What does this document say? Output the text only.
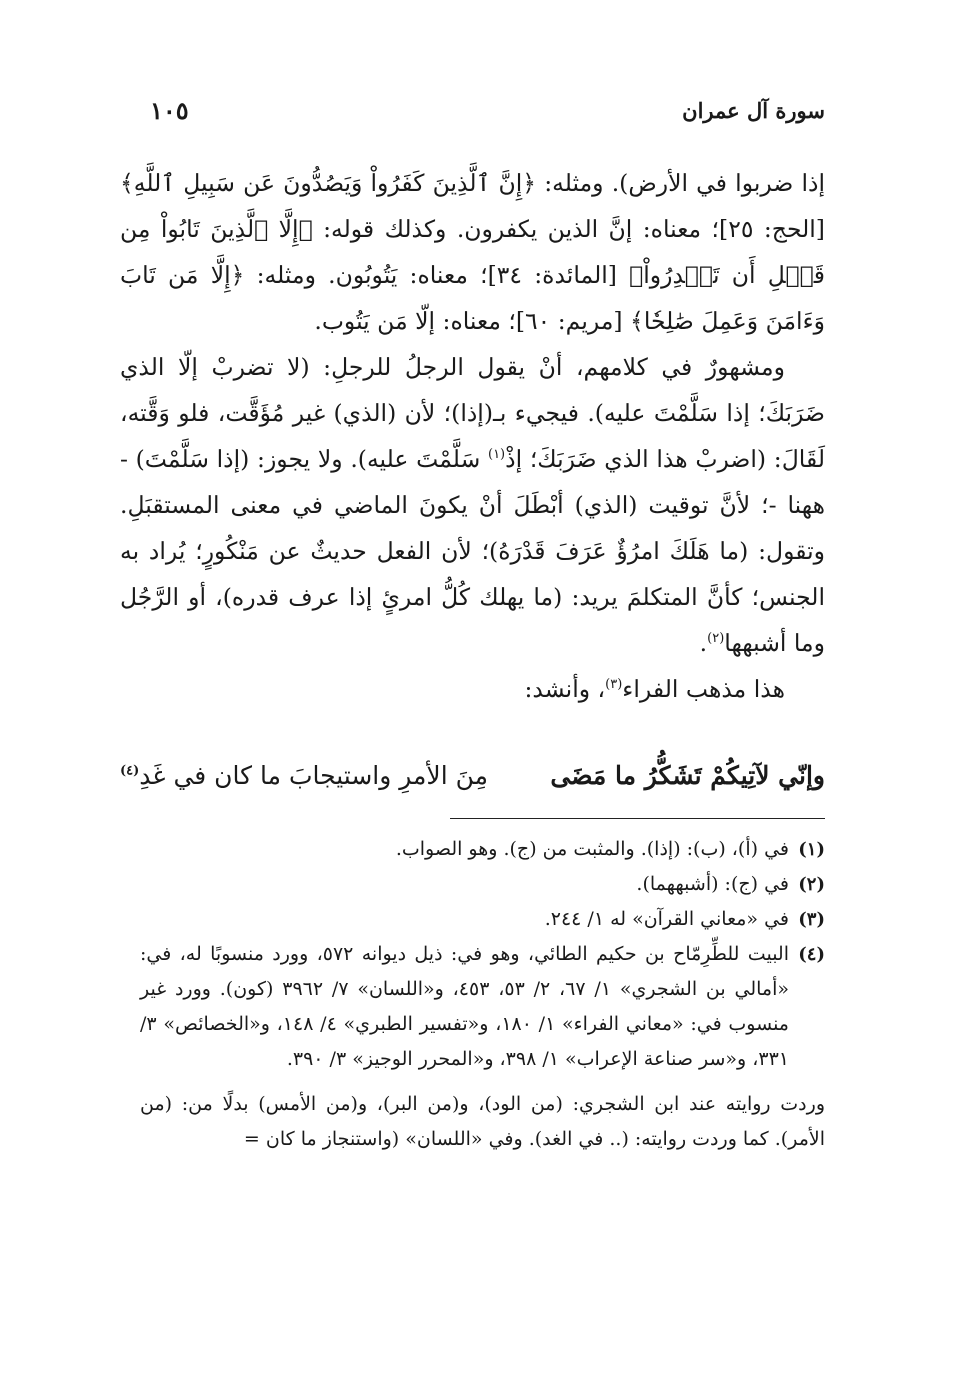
سورة آل عمران
١٠٥

إذا ضربوا في الأرض). ومثله: ﴿إِنَّ ٱلَّذِينَ كَفَرُواْ وَيَصُدُّونَ عَن سَبِيلِ ٱللَّهِ﴾ [الحج: ٢٥]؛ معناه: إنَّ الذين يكفرون. وكذلك قوله: ﴿إِلَّا ٱلَّذِينَ تَابُواْ مِن قَبۡلِ أَن تَقۡدِرُواْ﴾ [المائدة: ٣٤]؛ معناه: يَتُوبُون. ومثله: ﴿إِلَّا مَن تَابَ وَءَامَنَ وَعَمِلَ صَٰلِحٗا﴾ [مريم: ٦٠]؛ معناه: إلّا مَن يَتُوب.

ومشهورٌ في كلامهم، أنْ يقول الرجلُ للرجلِ: (لا تضربْ إلّا الذي ضَرَبَكَ؛ إذا سَلَّمْتَ عليه). فيجيء بـ(إذا)؛ لأن (الذي) غير مُؤَقَّت، فلو وَقَّته، لَقَالَ: (اضربْ هذا الذي ضَرَبَكَ؛ إذْ$^{(١)}$ سَلَّمْتَ عليه). ولا يجوز: (إذا سَلَّمْتَ) - ههنا -؛ لأنَّ توقيت (الذي) أبْطَلَ أنْ يكونَ الماضي في معنى المستقبَلِ. وتقول: (ما هَلَكَ امرُؤٌ عَرَفَ قَدْرَهُ)؛ لأن الفعل حديثٌ عن مَنْكُورٍ؛ يُراد به الجنس؛ كأنَّ المتكلمَ يريد: (ما يهلك كُلُّ امرئٍ إذا عرف قدره)، أو الرَّجُل وما أشبهها$^{(٢)}$.

هذا مذهب الفراء$^{(٣)}$، وأنشد:

وإنّي لآتِيكُمْ تَشَكُّرُ ما مَضَى
مِنَ الأمرِ واستيجابَ ما كان في غَدِ$^{(٤)}$
(١)
في (أ)، (ب): (إذا). والمثبت من (ج). وهو الصواب.
(٢)
في (ج): (أشبههما).
(٣)
في «معاني القرآن» له ١/ ٢٤٤.
(٤)
البيت للطِّرِمّاح بن حكيم الطائي، وهو في: ذيل ديوانه ٥٧٢، وورد منسوبًا له، في: «أمالي بن الشجري» ١/ ٦٧، ٢/ ٥٣، ٤٥٣، و«اللسان» ٧/ ٣٩٦٢ (كون). وورد غير منسوب في: «معاني الفراء» ١/ ١٨٠، و«تفسير الطبري» ٤/ ١٤٨، و«الخصائص» ٣/ ٣٣١، و«سر صناعة الإعراب» ١/ ٣٩٨، و«المحرر الوجيز» ٣/ ٣٩٠.
وردت روايته عند ابن الشجري: (من الود)، و(من البر)، و(من الأمس) بدلًا من: (من الأمر). كما وردت روايته: (.. في الغد). وفي «اللسان» (واستنجاز ما كان =
